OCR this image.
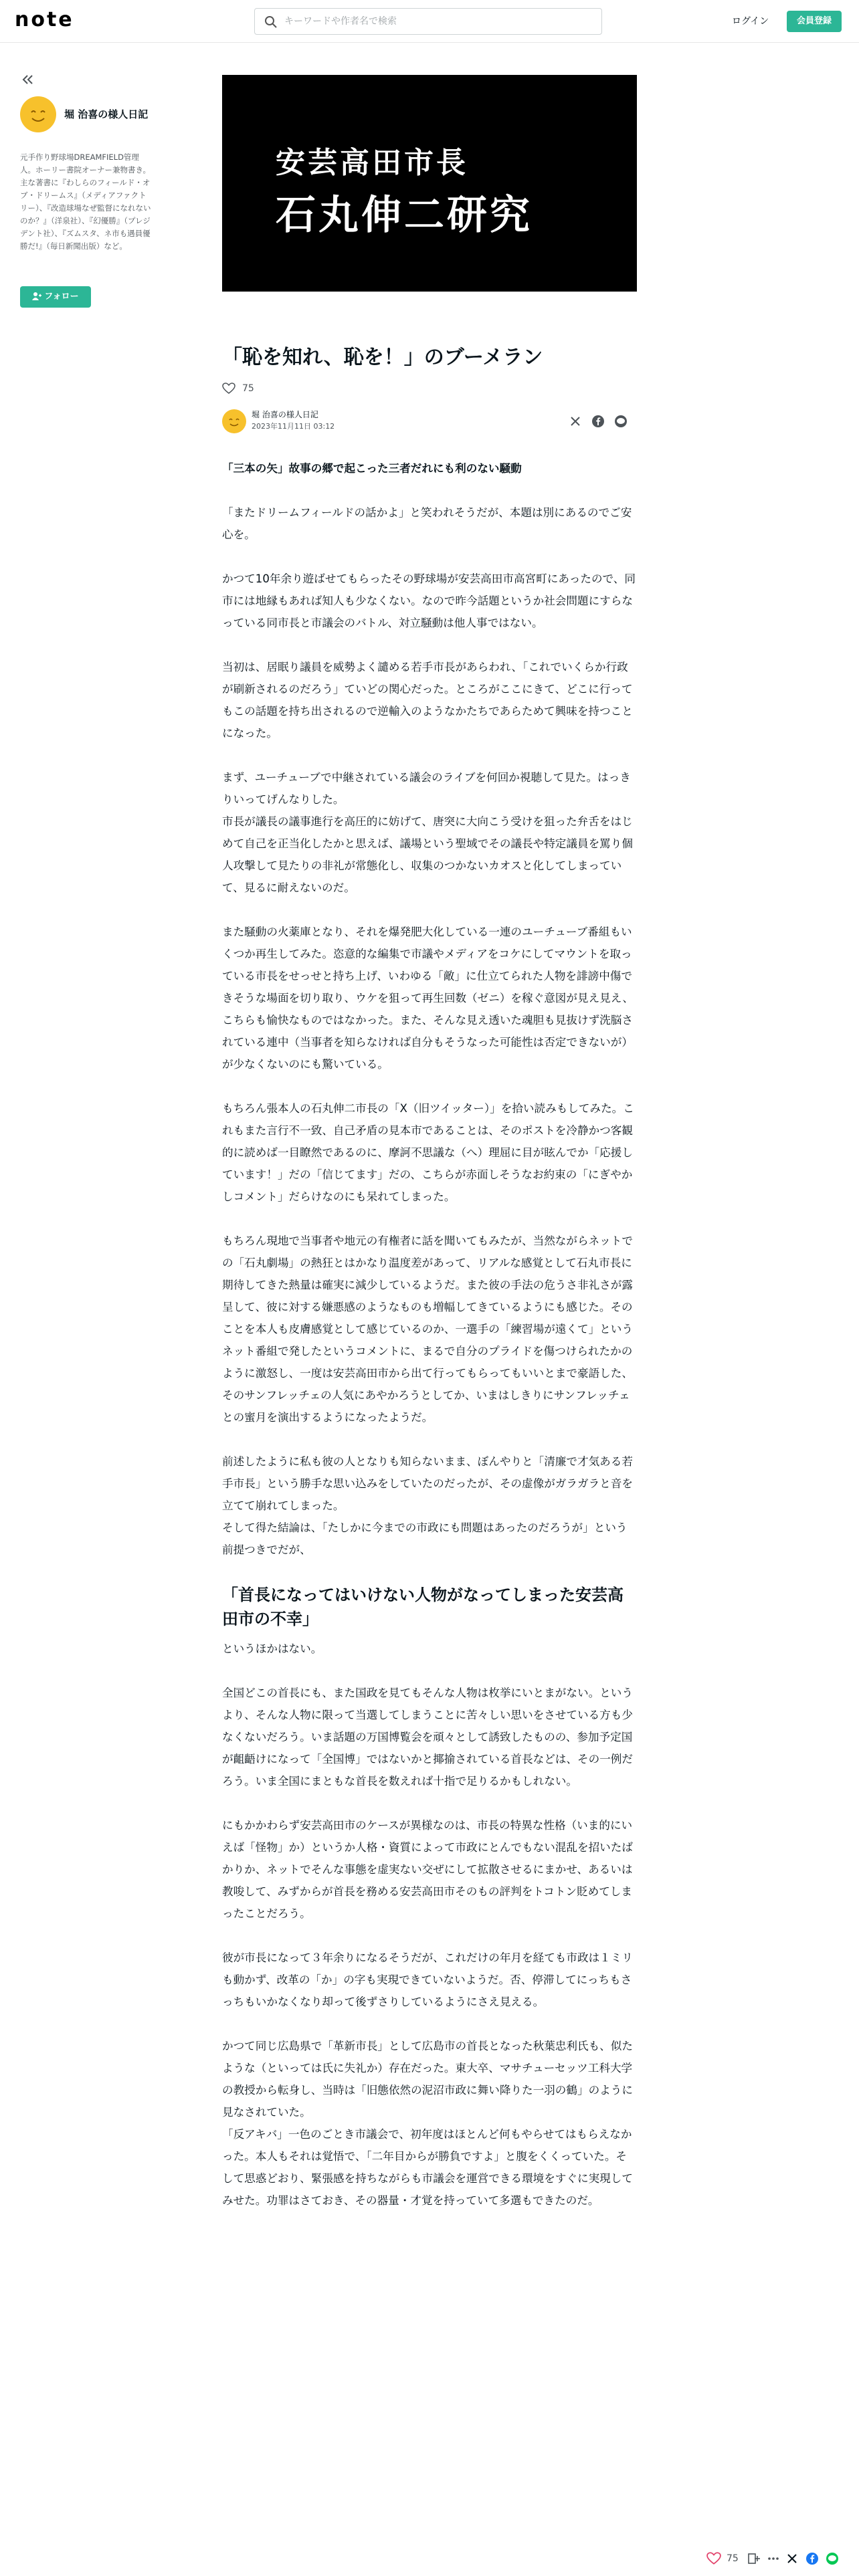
note
キーワードや作者名で検索	ログイン	会員登録
堀 治喜の様人日記
元手作り野球場DREAMFIELD管理人。ホーリー書院オーナー兼物書き。主な著書に『わしらのフィールド・オブ・ドリームス』（メディアファクトリー）、『改造球場なぜ監督になれないのか？』（洋泉社）、『幻優勝』（プレジデント社）、『ズムスタ、ネ市も遇員優勝だ!』（毎日新聞出版）など。
フォロー
安芸高田市長
石丸伸二研究
「恥を知れ、恥を！」のブーメラン
75
堀 治喜の様人日記
2023年11月11日 03:12

「三本の矢」故事の郷で起こった三者だれにも利のない騒動

「またドリームフィールドの話かよ」と笑われそうだが、本題は別にあるのでご安心を。

かつて10年余り遊ばせてもらったその野球場が安芸高田市高宮町にあったので、同市には地縁もあれば知人も少なくない。なので昨今話題というか社会問題にすらなっている同市長と市議会のバトル、対立騒動は他人事ではない。

当初は、居眠り議員を威勢よく譴める若手市長があらわれ、「これでいくらか行政が刷新されるのだろう」ていどの関心だった。ところがここにきて、どこに行ってもこの話題を持ち出されるので逆輸入のようなかたちであらためて興味を持つことになった。

まず、ユーチューブで中継されている議会のライブを何回か視聴して見た。はっきりいってげんなりした。
市長が議長の議事進行を高圧的に妨げて、唐突に大向こう受けを狙った弁舌をはじめて自己を正当化したかと思えば、議場という聖域でその議長や特定議員を罵り個人攻撃して見たりの非礼が常態化し、収集のつかないカオスと化してしまっていて、見るに耐えないのだ。

また騒動の火薬庫となり、それを爆発肥大化している一連のユーチューブ番組もいくつか再生してみた。恣意的な編集で市議やメディアをコケにしてマウントを取っている市長をせっせと持ち上げ、いわゆる「敵」に仕立てられた人物を誹謗中傷できそうな場面を切り取り、ウケを狙って再生回数（ゼニ）を稼ぐ意図が見え見え、こちらも愉快なものではなかった。また、そんな見え透いた魂胆も見抜けず洗脳されている連中（当事者を知らなければ自分もそうなった可能性は否定できないが）が少なくないのにも驚いている。

もちろん張本人の石丸伸二市長の「X（旧ツイッター）」を拾い読みもしてみた。これもまた言行不一致、自己矛盾の見本市であることは、そのポストを冷静かつ客観的に読めば一目瞭然であるのに、摩訶不思議な（へ）理屈に目が眩んでか「応援しています！」だの「信じてます」だの、こちらが赤面しそうなお約束の「にぎやかしコメント」だらけなのにも呆れてしまった。

もちろん現地で当事者や地元の有権者に話を聞いてもみたが、当然ながらネットでの「石丸劇場」の熱狂とはかなり温度差があって、リアルな感覚として石丸市長に期待してきた熱量は確実に減少しているようだ。また彼の手法の危うさ非礼さが露呈して、彼に対する嫌悪感のようなものも増幅してきているようにも感じた。そのことを本人も皮膚感覚として感じているのか、一選手の「練習場が遠くて」というネット番組で発したというコメントに、まるで自分のプライドを傷つけられたかのように激怒し、一度は安芸高田市から出て行ってもらってもいいとまで豪語した、そのサンフレッチェの人気にあやかろうとしてか、いまはしきりにサンフレッチェとの蜜月を演出するようになったようだ。

前述したように私も彼の人となりも知らないまま、ぼんやりと「清廉で才気ある若手市長」という勝手な思い込みをしていたのだったが、その虚像がガラガラと音を立てて崩れてしまった。
そして得た結論は、「たしかに今までの市政にも問題はあったのだろうが」という前提つきでだが、

「首長になってはいけない人物がなってしまった安芸高田市の不幸」

というほかはない。

全国どこの首長にも、また国政を見てもそんな人物は枚挙にいとまがない。というより、そんな人物に限って当選してしまうことに苦々しい思いをさせている方も少なくないだろう。いま話題の万国博覧会を頑々として誘致したものの、参加予定国が齟齬けになって「全国博」ではないかと揶揄されている首長などは、その一例だろう。いま全国にまともな首長を数えれば十指で足りるかもしれない。

にもかかわらず安芸高田市のケースが異様なのは、市長の特異な性格（いま的にいえば「怪物」か）というか人格・資質によって市政にとんでもない混乱を招いたばかりか、ネットでそんな事態を虚実ない交ぜにして拡散させるにまかせ、あるいは教唆して、みずからが首長を務める安芸高田市そのもの評判をトコトン貶めてしまったことだろう。

彼が市長になって３年余りになるそうだが、これだけの年月を経ても市政は１ミリも動かず、改革の「か」の字も実現できていないようだ。否、停滞してにっちもさっちもいかなくなり却って後ずさりしているようにさえ見える。

かつて同じ広島県で「革新市長」として広島市の首長となった秋葉忠利氏も、似たような（といっては氏に失礼か）存在だった。東大卒、マサチューセッツ工科大学の教授から転身し、当時は「旧態依然の泥沼市政に舞い降りた一羽の鶴」のように見なされていた。
「反アキバ」一色のごとき市議会で、初年度はほとんど何もやらせてはもらえなかった。本人もそれは覚悟で、「二年目からが勝負ですよ」と腹をくくっていた。そして思惑どおり、緊張感を持ちながらも市議会を運営できる環境をすぐに実現してみせた。功罪はさておき、その器量・才覚を持っていて多選もできたのだ。

75
